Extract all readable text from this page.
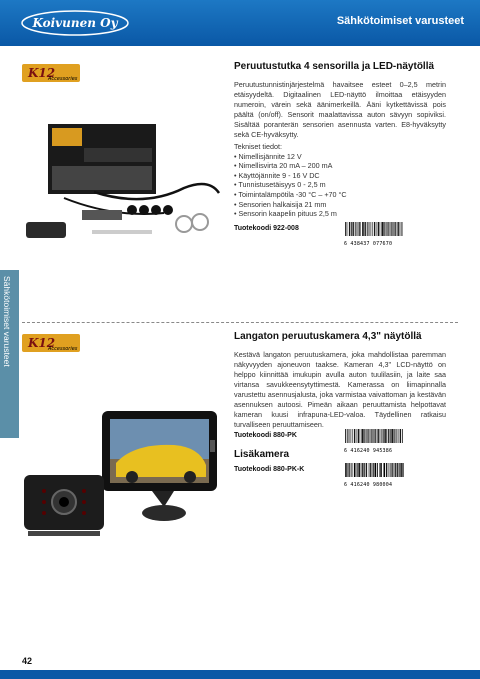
Koivunen Oy	Sähkötoimiset varusteet
Sähkötoimiset varusteet
K12
Accessories
Peruutustutka 4 sensorilla ja LED-näytöllä
Peruutustunnistinjärjestelmä havaitsee esteet 0–2,5 metrin etäisyydeltä. Digitaalinen LED-näyttö ilmoittaa etäisyyden numeroin, värein sekä äänimerkeillä. Ääni kytkettävissä pois päältä (on/off). Sensorit maalattavissa auton sävyyn sopiviksi. Sisältää poranterän sensorien asennusta varten. E8-hyväksytty sekä CE-hyväksytty.
Tekniset tiedot:
• Nimellisjännite 12 V
• Nimellisvirta 20 mA – 200 mA
• Käyttöjännite 9 - 16 V DC
• Tunnistusetäisyys 0 - 2,5 m
• Toimintalämpötila -30 °C – +70 °C
• Sensorien halkaisija 21 mm
• Sensorin kaapelin pituus 2,5 m
Tuotekoodi 922-008
6 438437 077670
K12
Accessories
Langaton peruutuskamera 4,3" näytöllä
Kestävä langaton peruutuskamera, joka mahdollistaa paremman näkyvyyden ajoneuvon taakse. Kameran 4,3" LCD-näyttö on helppo kiinnittää imukupin avulla auton tuulilasiin, ja laite saa virtansa savukkeensytyttimestä. Kamerassa on liimapinnalla varustettu asennusjalusta, joka varmistaa vaivattoman ja kestävän asennuksen autoosi. Pimeän aikaan peruuttamista helpottavat kameran kuusi infrapuna-LED-valoa. Täydellinen ratkaisu turvalliseen peruuttamiseen.
Tuotekoodi 880-PK
6 416240 945386
Lisäkamera
Tuotekoodi 880-PK-K
6 416240 980004
42
